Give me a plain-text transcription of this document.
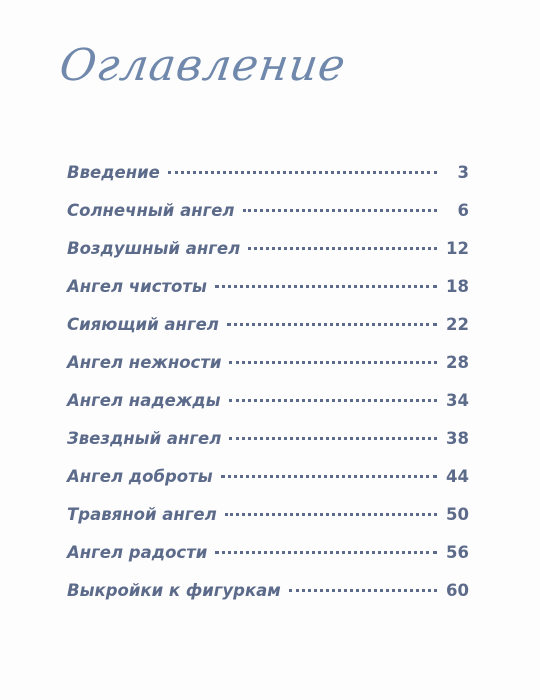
Оглавление
Введение	3
Солнечный ангел	6
Воздушный ангел	12
Ангел чистоты	18
Сияющий ангел	22
Ангел нежности	28
Ангел надежды	34
Звездный ангел	38
Ангел доброты	44
Травяной ангел	50
Ангел радости	56
Выкройки к фигуркам	60
